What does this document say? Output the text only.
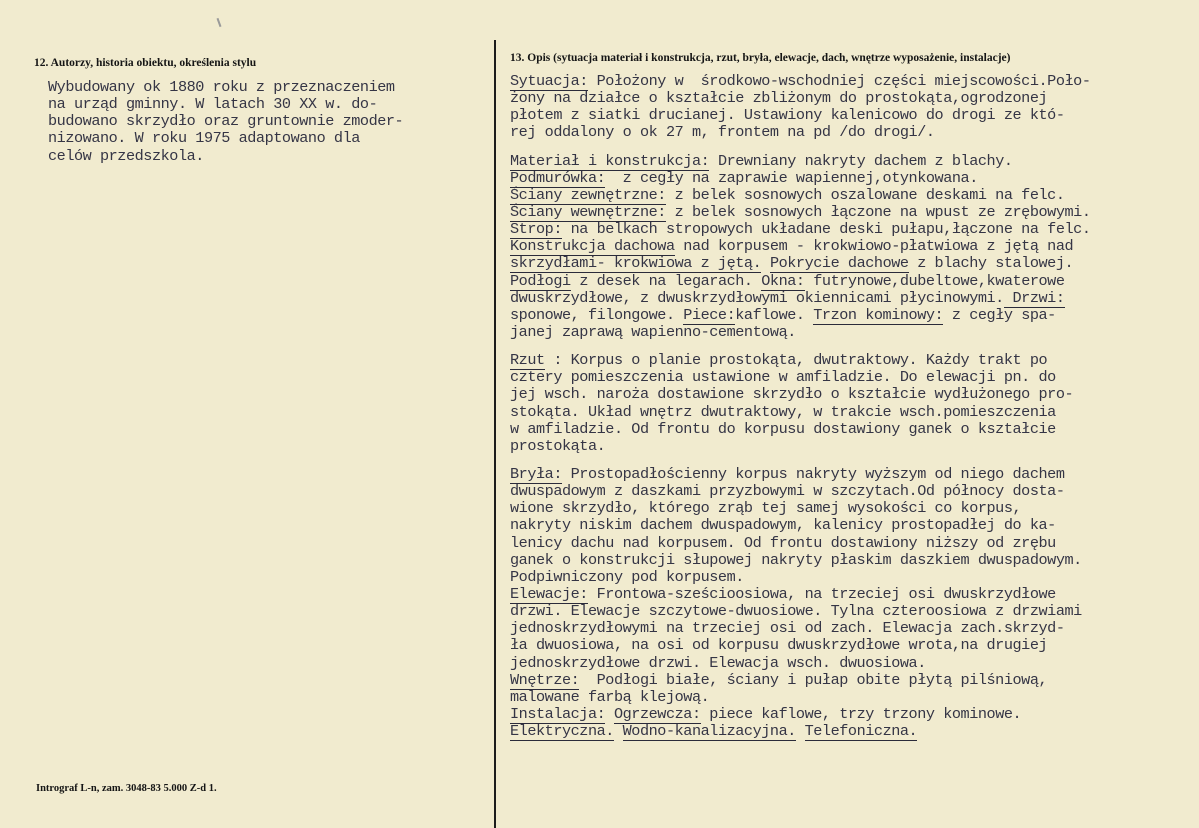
12. Autorzy, historia obiektu, określenia stylu
Wybudowany ok 1880 roku z przeznaczeniem
na urząd gminny. W latach 30 XX w. do-
budowano skrzydło oraz gruntownie zmoder-
nizowano. W roku 1975 adaptowano dla
celów przedszkola.
13. Opis (sytuacja materiał i konstrukcja, rzut, bryła, elewacje, dach, wnętrze wyposażenie, instalacje)
Sytuacja: Położony w  środkowo-wschodniej części miejscowości.Poło-
żony na działce o kształcie zbliżonym do prostokąta,ogrodzonej
płotem z siatki drucianej. Ustawiony kalenicowo do drogi ze któ-
rej oddalony o ok 27 m, frontem na pd /do drogi/.
Materiał i konstrukcja: Drewniany nakryty dachem z blachy.
Podmurówka:  z cegły na zaprawie wapiennej,otynkowana.
Ściany zewnętrzne: z belek sosnowych oszalowane deskami na felc.
Ściany wewnętrzne: z belek sosnowych łączone na wpust ze zrębowymi.
Strop: na belkach stropowych układane deski pułapu,łączone na felc.
Konstrukcja dachowa nad korpusem - krokwiowo-płatwiowa z jętą nad
skrzydłami- krokwiowa z jętą. Pokrycie dachowe z blachy stalowej.
Podłogi z desek na legarach. Okna: futrynowe,dubeltowe,kwaterowe
dwuskrzydłowe, z dwuskrzydłowymi okiennicami płycinowymi. Drzwi:
sponowe, filongowe. Piece:kaflowe. Trzon kominowy: z cegły spa-
janej zaprawą wapienno-cementową.
Rzut : Korpus o planie prostokąta, dwutraktowy. Każdy trakt po
cztery pomieszczenia ustawione w amfiladzie. Do elewacji pn. do
jej wsch. naroża dostawione skrzydło o kształcie wydłużonego pro-
stokąta. Układ wnętrz dwutraktowy, w trakcie wsch.pomieszczenia
w amfiladzie. Od frontu do korpusu dostawiony ganek o kształcie
prostokąta.
Bryła: Prostopadłościenny korpus nakryty wyższym od niego dachem
dwuspadowym z daszkami przyzbowymi w szczytach.Od północy dosta-
wione skrzydło, którego zrąb tej samej wysokości co korpus,
nakryty niskim dachem dwuspadowym, kalenicy prostopadłej do ka-
lenicy dachu nad korpusem. Od frontu dostawiony niższy od zrębu
ganek o konstrukcji słupowej nakryty płaskim daszkiem dwuspadowym.
Podpiwniczony pod korpusem.
Elewacje: Frontowa-sześcioosiowa, na trzeciej osi dwuskrzydłowe
drzwi. Elewacje szczytowe-dwuosiowe. Tylna czteroosiowa z drzwiami
jednoskrzydłowymi na trzeciej osi od zach. Elewacja zach.skrzyd-
ła dwuosiowa, na osi od korpusu dwuskrzydłowe wrota,na drugiej
jednoskrzydłowe drzwi. Elewacja wsch. dwuosiowa.
Wnętrze:  Podłogi białe, ściany i pułap obite płytą pilśniową,
malowane farbą klejową.
Instalacja: Ogrzewcza: piece kaflowe, trzy trzony kominowe.
Elektryczna. Wodno-kanalizacyjna. Telefoniczna.
Intrograf L-n, zam. 3048-83 5.000 Z-d 1.
